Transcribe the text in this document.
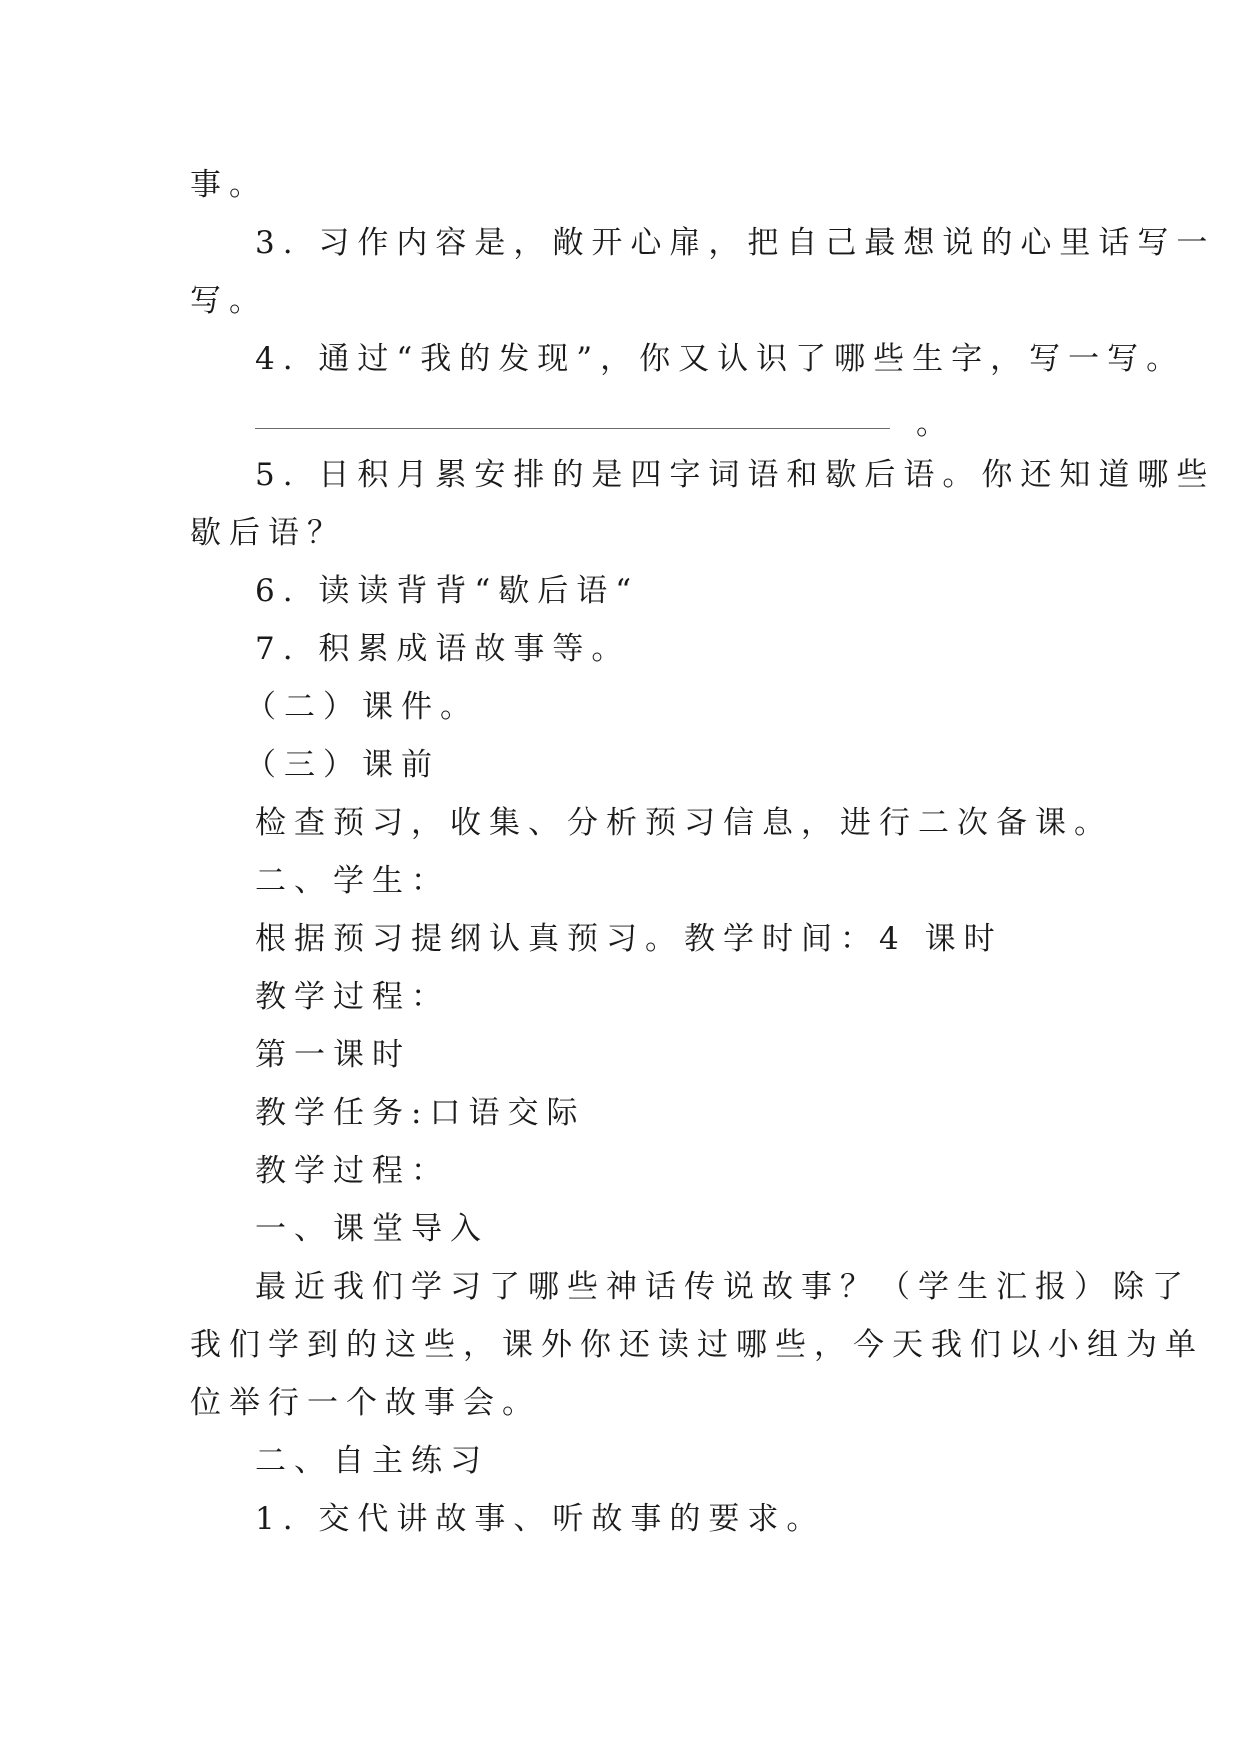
事。
3. 习作内容是，敞开心扉，把自己最想说的心里话写一
写。
4. 通过“我的发现”，你又认识了哪些生字，写一写。
。
5. 日积月累安排的是四字词语和歇后语。你还知道哪些
歇后语？
6. 读读背背“歇后语“
7. 积累成语故事等。
（二）课件。
（三）课前
检查预习，收集、分析预习信息，进行二次备课。
二、学生：
根据预习提纲认真预习。教学时间：4 课时
教学过程：
第一课时
教学任务:口语交际
教学过程：
一、课堂导入
最近我们学习了哪些神话传说故事？（学生汇报）除了
我们学到的这些，课外你还读过哪些，今天我们以小组为单
位举行一个故事会。
二、自主练习
1. 交代讲故事、听故事的要求。
